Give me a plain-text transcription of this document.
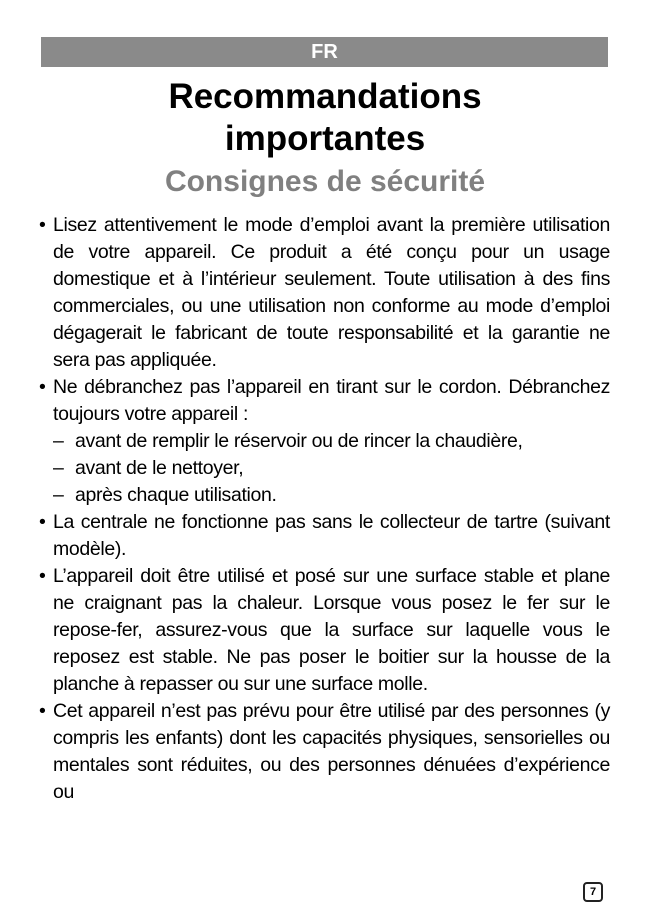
FR
Recommandations
importantes
Consignes de sécurité
• Lisez attentivement le mode d’emploi avant la première utilisation de votre appareil. Ce produit a été conçu pour un usage domestique et à l’intérieur seulement. Toute utilisation à des fins commerciales, ou une utilisation non conforme au mode d’emploi dégagerait le fabricant de toute responsabilité et la garantie ne sera pas appliquée.
• Ne débranchez pas l’appareil en tirant sur le cordon. Débranchez toujours votre appareil :
– avant de remplir le réservoir ou de rincer la chaudière,
– avant de le nettoyer,
– après chaque utilisation.
• La centrale ne fonctionne pas sans le collecteur de tartre (suivant modèle).
• L’appareil doit être utilisé et posé sur une surface stable et plane ne craignant pas la chaleur. Lorsque vous posez le fer sur le repose-fer, assurez-vous que la surface sur laquelle vous le reposez est stable. Ne pas poser le boitier sur la housse de la planche à repasser ou sur une surface molle.
• Cet appareil n’est pas prévu pour être utilisé par des personnes (y compris les enfants) dont les capacités physiques, sensorielles ou mentales sont réduites, ou des personnes dénuées d’expérience ou
7
